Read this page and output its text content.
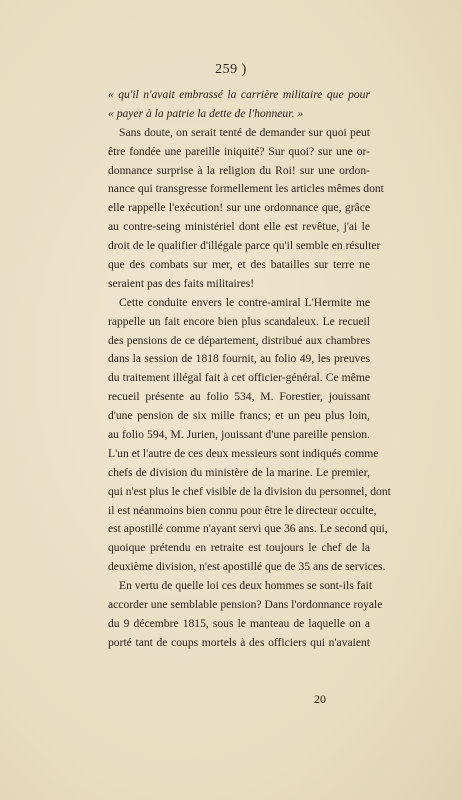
259 )
« qu'il n'avait embrassé la carrière militaire que pour
« payer à la patrie la dette de l'honneur. »
Sans doute, on serait tenté de demander sur quoi peut
être fondée une pareille iniquité? Sur quoi? sur une or-
donnance surprise à la religion du Roi! sur une ordon-
nance qui transgresse formellement les articles mêmes dont
elle rappelle l'exécution! sur une ordonnance que, grâce
au contre-seing ministériel dont elle est revêtue, j'ai le
droit de le qualifier d'illégale parce qu'il semble en résulter
que des combats sur mer, et des batailles sur terre ne
seraient pas des faits militaires!
Cette conduite envers le contre-amiral L'Hermite me
rappelle un fait encore bien plus scandaleux. Le recueil
des pensions de ce département, distribué aux chambres
dans la session de 1818 fournit, au folio 49, les preuves
du traitement illégal fait à cet officier-général. Ce même
recueil présente au folio 534, M. Forestier, jouissant
d'une pension de six mille francs; et un peu plus loin,
au folio 594, M. Jurien, jouissant d'une pareille pension.
L'un et l'autre de ces deux messieurs sont indiqués comme
chefs de division du ministère de la marine. Le premier,
qui n'est plus le chef visible de la division du personnel, dont
il est néanmoins bien connu pour être le directeur occulte,
est apostillé comme n'ayant servi que 36 ans. Le second qui,
quoique prétendu en retraite est toujours le chef de la
deuxième division, n'est apostillé que de 35 ans de services.
En vertu de quelle loi ces deux hommes se sont-ils fait
accorder une semblable pension? Dans l'ordonnance royale
du 9 décembre 1815, sous le manteau de laquelle on a
porté tant de coups mortels à des officiers qui n'avaient
20
